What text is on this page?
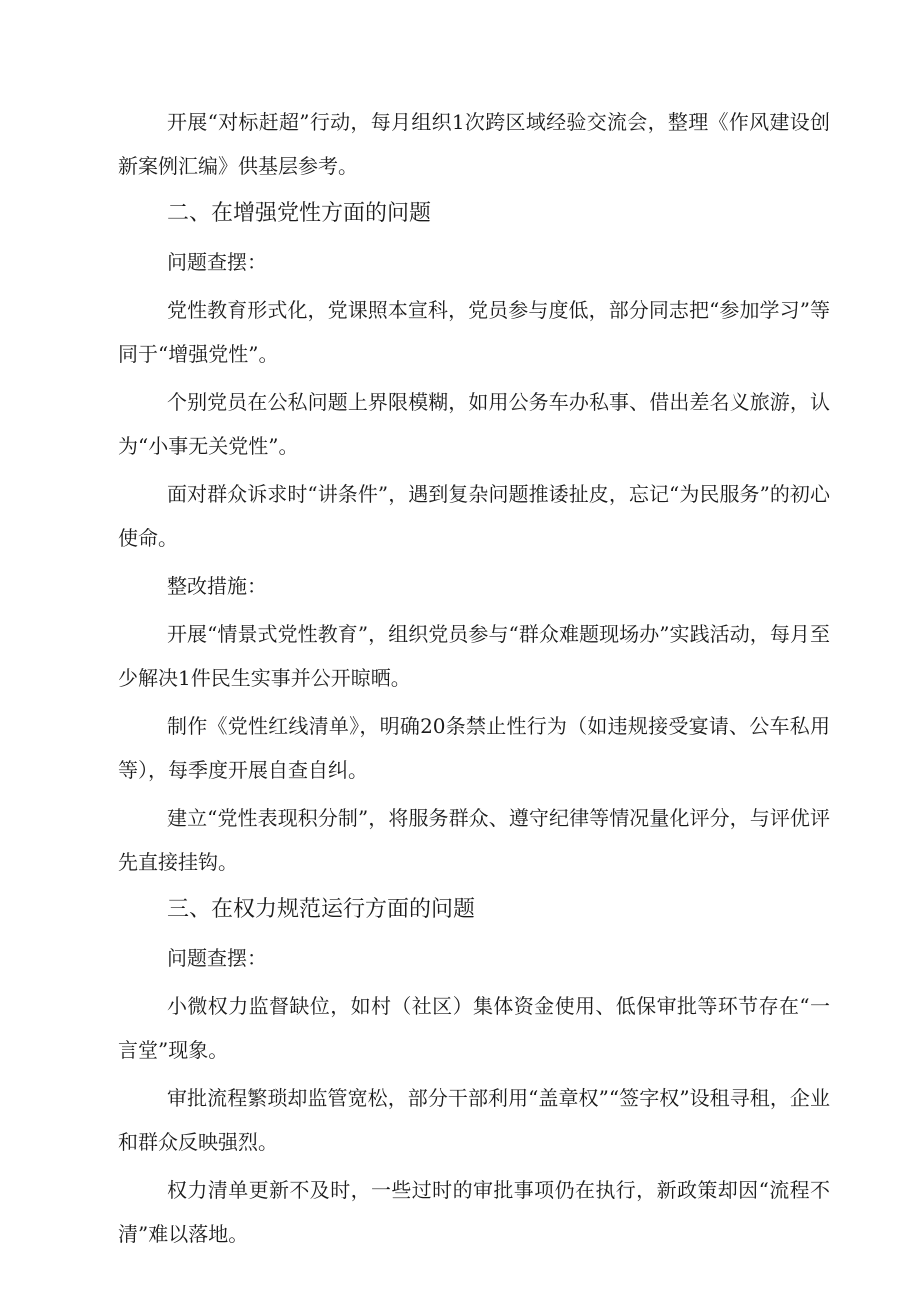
开展“对标赶超”行动，每月组织1次跨区域经验交流会，整理《作风建设创新案例汇编》供基层参考。

二、在增强党性方面的问题

问题查摆：

党性教育形式化，党课照本宣科，党员参与度低，部分同志把“参加学习”等同于“增强党性”。

个别党员在公私问题上界限模糊，如用公务车办私事、借出差名义旅游，认为“小事无关党性”。

面对群众诉求时“讲条件”，遇到复杂问题推诿扯皮，忘记“为民服务”的初心使命。

整改措施：

开展“情景式党性教育”，组织党员参与“群众难题现场办”实践活动，每月至少解决1件民生实事并公开晾晒。

制作《党性红线清单》，明确20条禁止性行为（如违规接受宴请、公车私用等），每季度开展自查自纠。

建立“党性表现积分制”，将服务群众、遵守纪律等情况量化评分，与评优评先直接挂钩。

三、在权力规范运行方面的问题

问题查摆：

小微权力监督缺位，如村（社区）集体资金使用、低保审批等环节存在“一言堂”现象。

审批流程繁琐却监管宽松，部分干部利用“盖章权”“签字权”设租寻租，企业和群众反映强烈。

权力清单更新不及时，一些过时的审批事项仍在执行，新政策却因“流程不清”难以落地。
